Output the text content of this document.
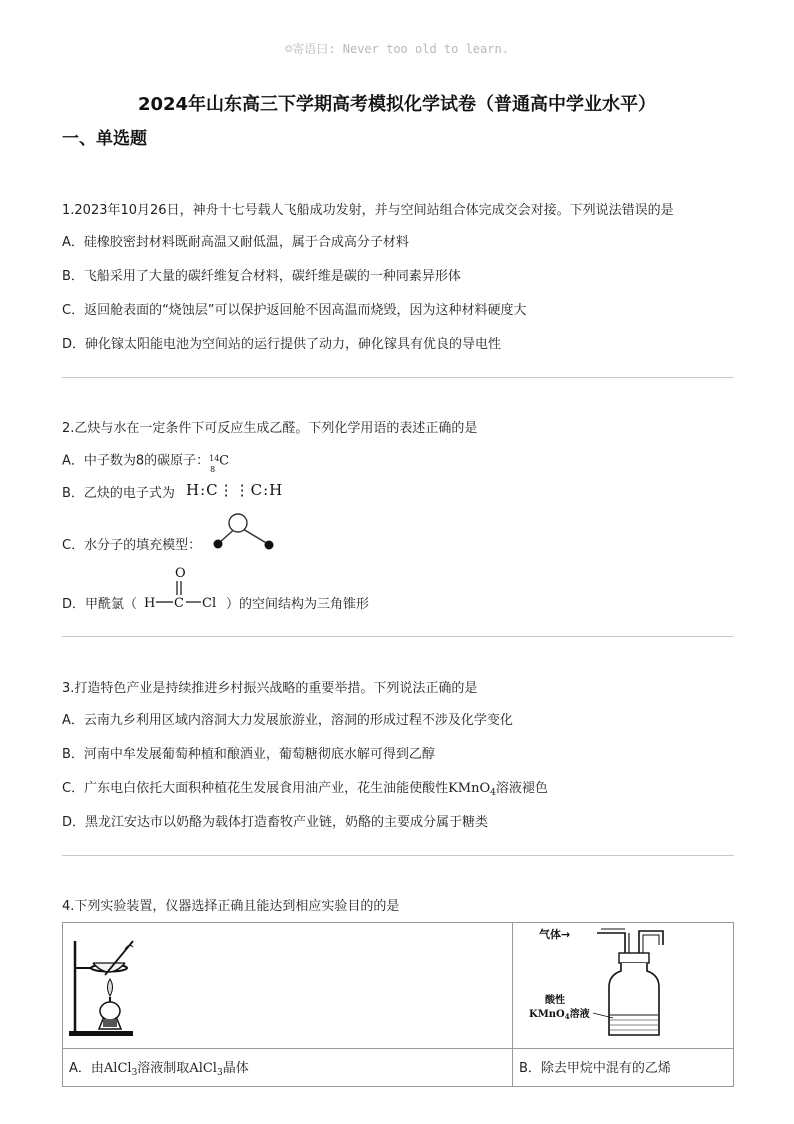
☺寄语曰: Never too old to learn.
2024年山东高三下学期高考模拟化学试卷（普通高中学业水平）
一、单选题
1.2023年10月26日，神舟十七号载人飞船成功发射，并与空间站组合体完成交会对接。下列说法错误的是
A．硅橡胶密封材料既耐高温又耐低温，属于合成高分子材料
B．飞船采用了大量的碳纤维复合材料，碳纤维是碳的一种同素异形体
C．返回舱表面的“烧蚀层”可以保护返回舱不因高温而烧毁，因为这种材料硬度大
D．砷化镓太阳能电池为空间站的运行提供了动力，砷化镓具有优良的导电性
2.乙炔与水在一定条件下可反应生成乙醛。下列化学用语的表述正确的是
A．中子数为8的碳原子： 14
8
C
B．乙炔的电子式为 H:C⋮⋮C:H
C．水分子的填充模型：
D．甲酰氯（
O
H C Cl ）的空间结构为三角锥形
3.打造特色产业是持续推进乡村振兴战略的重要举措。下列说法正确的是
A．云南九乡利用区域内溶洞大力发展旅游业，溶洞的形成过程不涉及化学变化
B．河南中牟发展葡萄种植和酿酒业，葡萄糖彻底水解可得到乙醇
C．广东电白依托大面积种植花生发展食用油产业，花生油能使酸性KMnO$_4$溶液褪色
D．黑龙江安达市以奶酪为载体打造畜牧产业链，奶酪的主要成分属于糖类
4.下列实验装置，仪器选择正确且能达到相应实验目的的是

气体→
酸性
KMnO$_4$溶液

A．由AlCl$_3$溶液制取AlCl$_3$晶体	B．除去甲烷中混有的乙烯
